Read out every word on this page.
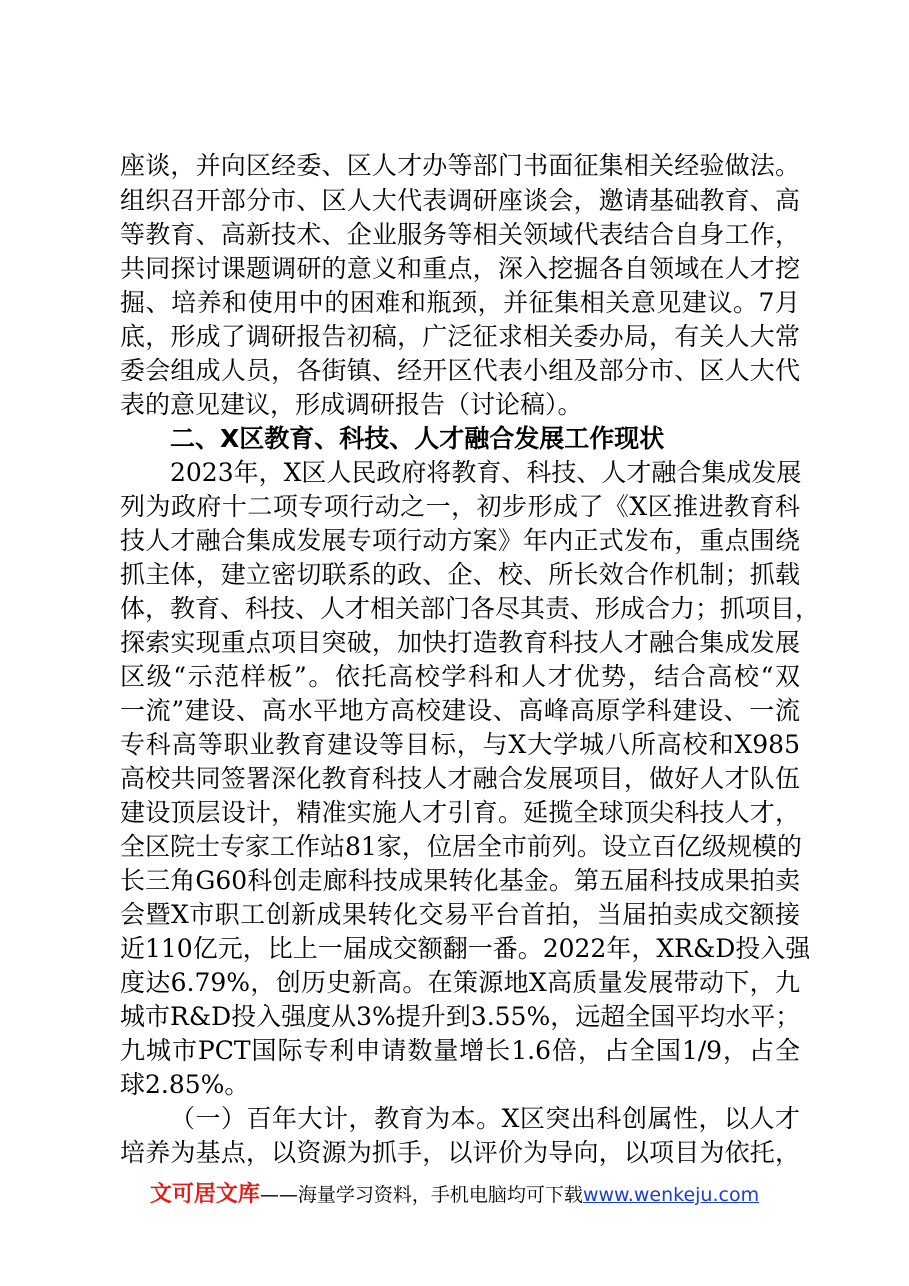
座谈，并向区经委、区人才办等部门书面征集相关经验做法。
组织召开部分市、区人大代表调研座谈会，邀请基础教育、高
等教育、高新技术、企业服务等相关领域代表结合自身工作，
共同探讨课题调研的意义和重点，深入挖掘各自领域在人才挖
掘、培养和使用中的困难和瓶颈，并征集相关意见建议。7月
底，形成了调研报告初稿，广泛征求相关委办局，有关人大常
委会组成人员，各街镇、经开区代表小组及部分市、区人大代
表的意见建议，形成调研报告（讨论稿）。
二、X区教育、科技、人才融合发展工作现状
2023年，X区人民政府将教育、科技、人才融合集成发展
列为政府十二项专项行动之一，初步形成了《X区推进教育科
技人才融合集成发展专项行动方案》年内正式发布，重点围绕
抓主体，建立密切联系的政、企、校、所长效合作机制；抓载
体，教育、科技、人才相关部门各尽其责、形成合力；抓项目，
探索实现重点项目突破，加快打造教育科技人才融合集成发展
区级“示范样板”。依托高校学科和人才优势，结合高校“双
一流”建设、高水平地方高校建设、高峰高原学科建设、一流
专科高等职业教育建设等目标，与X大学城八所高校和X985
高校共同签署深化教育科技人才融合发展项目，做好人才队伍
建设顶层设计，精准实施人才引育。延揽全球顶尖科技人才，
全区院士专家工作站81家，位居全市前列。设立百亿级规模的
长三角G60科创走廊科技成果转化基金。第五届科技成果拍卖
会暨X市职工创新成果转化交易平台首拍，当届拍卖成交额接
近110亿元，比上一届成交额翻一番。2022年，XR&D投入强
度达6.79%，创历史新高。在策源地X高质量发展带动下，九
城市R&D投入强度从3%提升到3.55%，远超全国平均水平；
九城市PCT国际专利申请数量增长1.6倍，占全国1/9，占全
球2.85%。
（一）百年大计，教育为本。X区突出科创属性，以人才
培养为基点，以资源为抓手，以评价为导向，以项目为依托，
文可居文库——海量学习资料，手机电脑均可下载www.wenkeju.com
